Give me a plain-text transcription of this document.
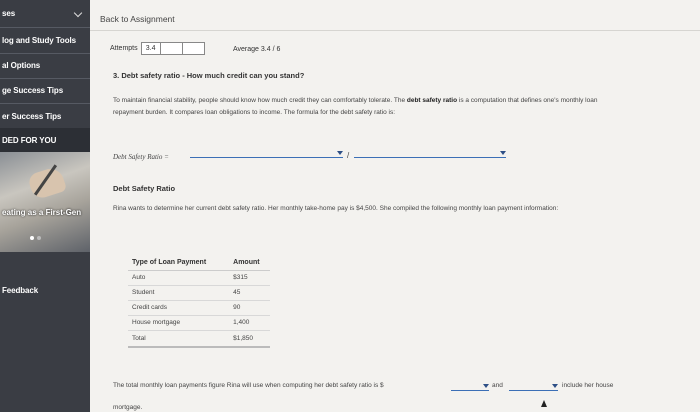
ses
log and Study Tools
al Options
ge Success Tips
er Success Tips
DED FOR YOU
eating as a First-Gen
Feedback
Back to Assignment
Attempts	3.4	Average 3.4 / 6
3. Debt safety ratio - How much credit can you stand?
To maintain financial stability, people should know how much credit they can comfortably tolerate. The debt safety ratio is a computation that defines one's monthly loan repayment burden. It compares loan obligations to income. The formula for the debt safety ratio is:
Debt Safety Ratio =	/
Debt Safety Ratio
Rina wants to determine her current debt safety ratio. Her monthly take-home pay is $4,500. She compiled the following monthly loan payment information:
Type of Loan Payment	Amount
Auto	$315
Student	45
Credit cards	90
House mortgage	1,400
Total	$1,850
The total monthly loan payments figure Rina will use when computing her debt safety ratio is $	and	include her house
mortgage.
